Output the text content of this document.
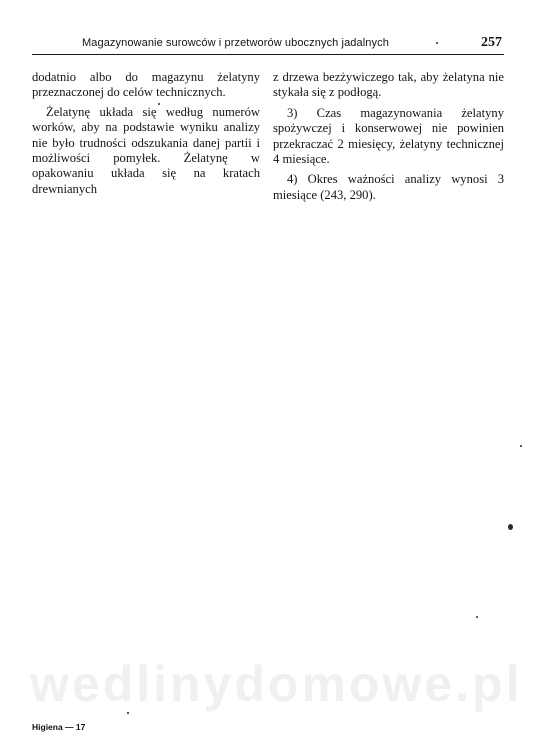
wedlinydomowe.pl
Magazynowanie surowców i przetworów ubocznych jadalnych	257

dodatnio albo do magazynu żelatyny przeznaczonej do celów technicznych.

Żelatynę układa się według numerów worków, aby na podstawie wyniku analizy nie było trudności odszukania danej partii i możliwości pomyłek. Żelatynę w opakowaniu układa się na kratach drewnianych

z drzewa bezżywiczego tak, aby żelatyna nie stykała się z podłogą.

3) Czas magazynowania żelatyny spożywczej i konserwowej nie powinien przekraczać 2 miesięcy, żelatyny technicznej 4 miesiące.

4) Okres ważności analizy wynosi 3 miesiące (243, 290).

Higiena — 17
